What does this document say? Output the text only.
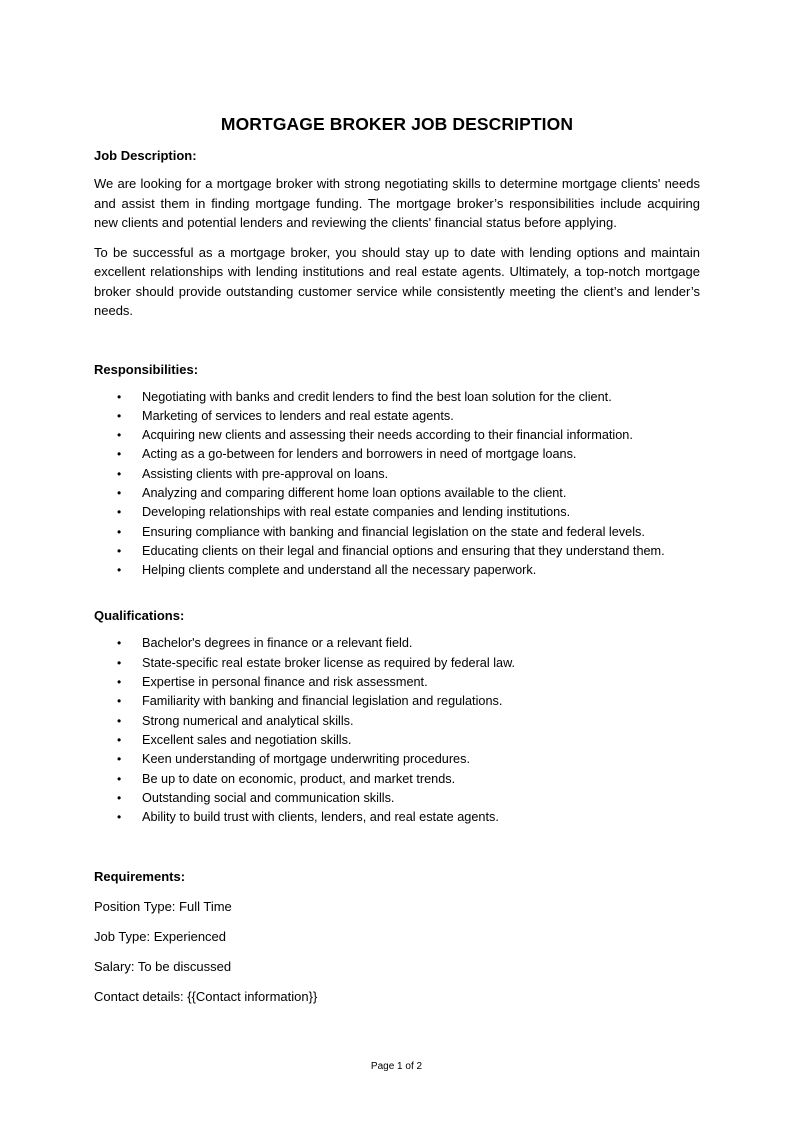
MORTGAGE BROKER JOB DESCRIPTION
Job Description:

We are looking for a mortgage broker with strong negotiating skills to determine mortgage clients' needs and assist them in finding mortgage funding. The mortgage broker’s responsibilities include acquiring new clients and potential lenders and reviewing the clients' financial status before applying.

To be successful as a mortgage broker, you should stay up to date with lending options and maintain excellent relationships with lending institutions and real estate agents. Ultimately, a top-notch mortgage broker should provide outstanding customer service while consistently meeting the client’s and lender’s needs.

Responsibilities:
• Negotiating with banks and credit lenders to find the best loan solution for the client.
• Marketing of services to lenders and real estate agents.
• Acquiring new clients and assessing their needs according to their financial information.
• Acting as a go-between for lenders and borrowers in need of mortgage loans.
• Assisting clients with pre-approval on loans.
• Analyzing and comparing different home loan options available to the client.
• Developing relationships with real estate companies and lending institutions.
• Ensuring compliance with banking and financial legislation on the state and federal levels.
• Educating clients on their legal and financial options and ensuring that they understand them.
• Helping clients complete and understand all the necessary paperwork.
Qualifications:
• Bachelor's degrees in finance or a relevant field.
• State-specific real estate broker license as required by federal law.
• Expertise in personal finance and risk assessment.
• Familiarity with banking and financial legislation and regulations.
• Strong numerical and analytical skills.
• Excellent sales and negotiation skills.
• Keen understanding of mortgage underwriting procedures.
• Be up to date on economic, product, and market trends.
• Outstanding social and communication skills.
• Ability to build trust with clients, lenders, and real estate agents.
Requirements:

Position Type: Full Time

Job Type: Experienced

Salary: To be discussed

Contact details: {{Contact information}}

Page 1 of 2
